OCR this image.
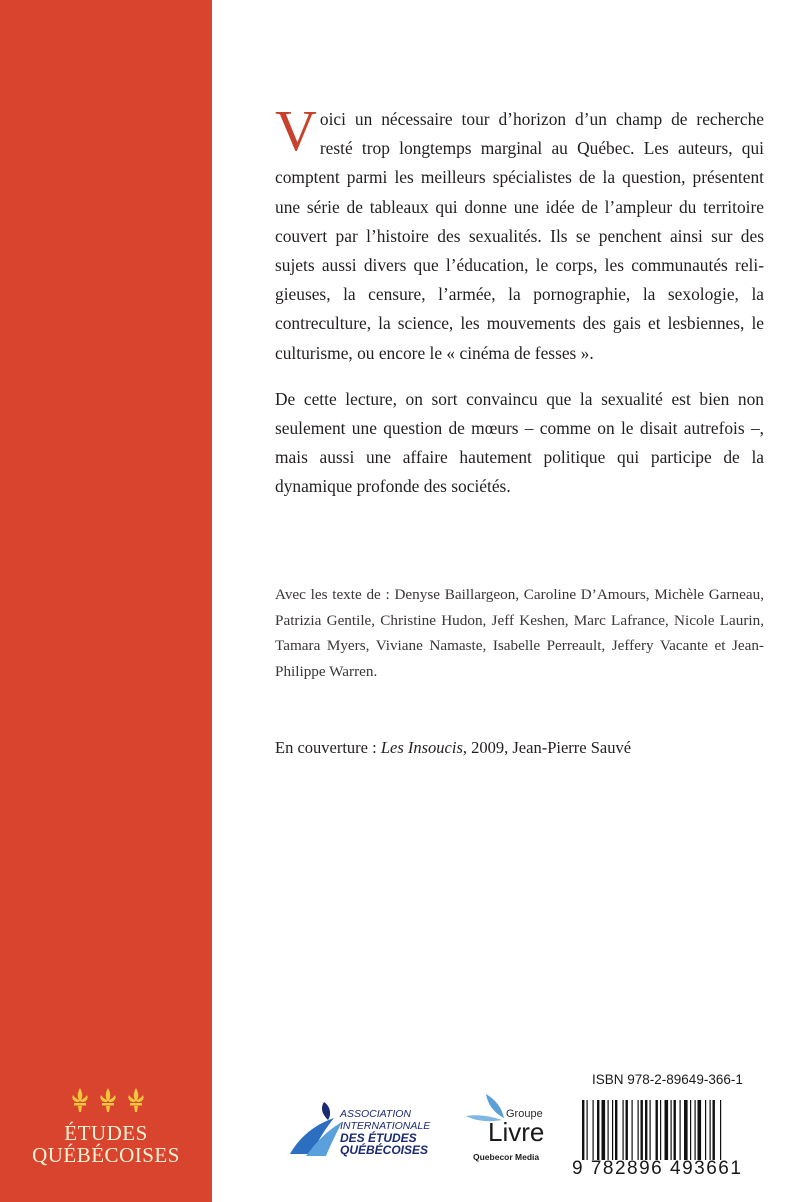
ÉTUDES
QUÉBÉCOISES

Voici un nécessaire tour d’horizon d’un champ de recherche resté trop longtemps marginal au Québec. Les auteurs, qui comptent parmi les meilleurs spécialistes de la question, présentent une série de tableaux qui donne une idée de l’ampleur du territoire couvert par l’histoire des sexualités. Ils se penchent ainsi sur des sujets aussi divers que l’éducation, le corps, les communautés religieuses, la censure, l’armée, la pornographie, la sexologie, la contreculture, la science, les mouvements des gais et lesbiennes, le culturisme, ou encore le « cinéma de fesses ».

De cette lecture, on sort convaincu que la sexualité est bien non seulement une question de mœurs – comme on le disait autrefois –, mais aussi une affaire hautement politique qui participe de la dynamique profonde des sociétés.

Avec les texte de : Denyse Baillargeon, Caroline D’Amours, Michèle Garneau, Patrizia Gentile, Christine Hudon, Jeff Keshen, Marc Lafrance, Nicole Laurin, Tamara Myers, Viviane Namaste, Isabelle Perreault, Jeffery Vacante et Jean-Philippe Warren.

En couverture : Les Insoucis, 2009, Jean-Pierre Sauvé
ASSOCIATION
INTERNATIONALE
DES ÉTUDES
QUÉBÉCOISES
Groupe
Livre
Quebecor Media
ISBN 978-2-89649-366-1
9 782896 493661
